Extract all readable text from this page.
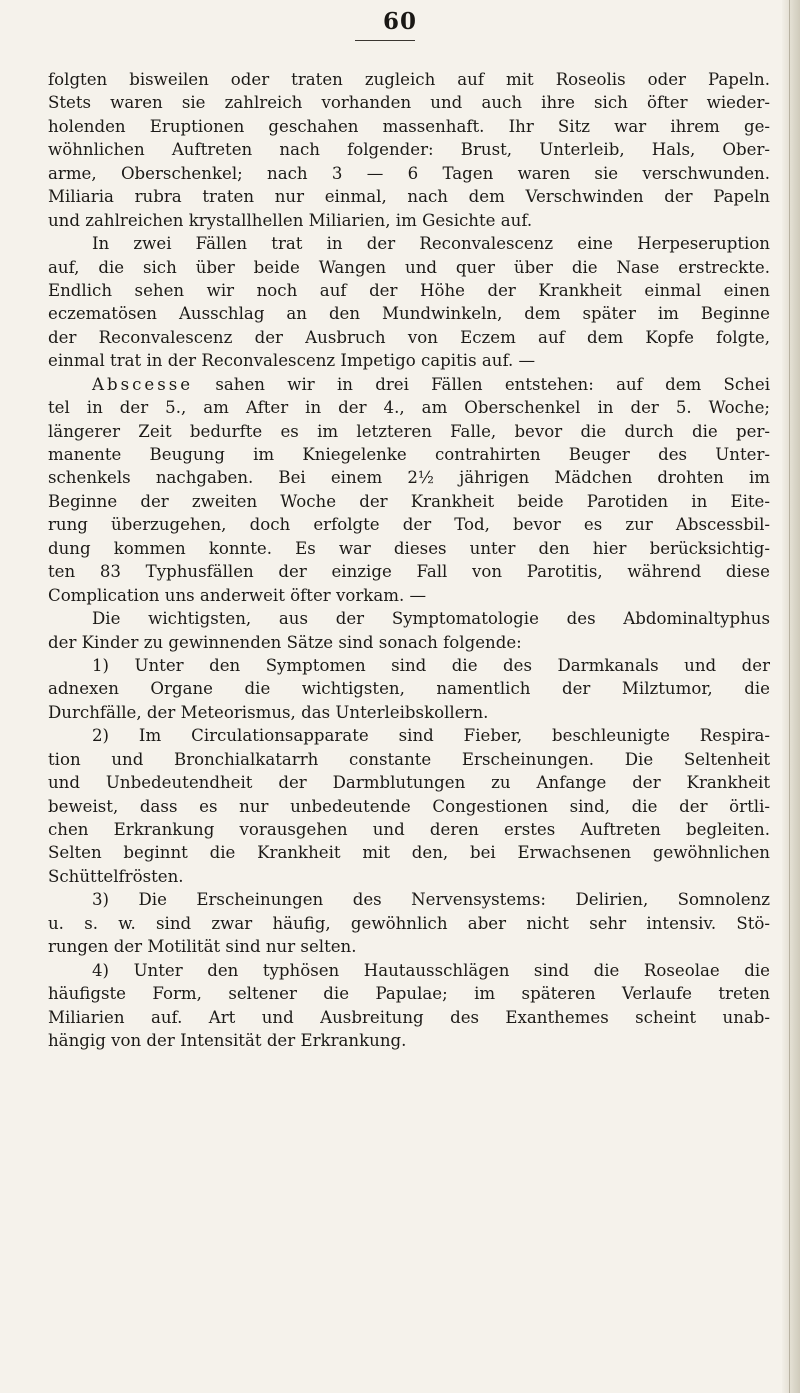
60
folgten bisweilen oder traten zugleich auf mit Roseolis oder Papeln.
Stets waren sie zahlreich vorhanden und auch ihre sich öfter wieder-
holenden Eruptionen geschahen massenhaft. Ihr Sitz war ihrem ge-
wöhnlichen Auftreten nach folgender: Brust, Unterleib, Hals, Ober-
arme, Oberschenkel; nach 3 — 6 Tagen waren sie verschwunden.
Miliaria rubra traten nur einmal, nach dem Verschwinden der Papeln
und zahlreichen krystallhellen Miliarien, im Gesichte auf.
In zwei Fällen trat in der Reconvalescenz eine Herpeseruption
auf, die sich über beide Wangen und quer über die Nase erstreckte.
Endlich sehen wir noch auf der Höhe der Krankheit einmal einen
eczematösen Ausschlag an den Mundwinkeln, dem später im Beginne
der Reconvalescenz der Ausbruch von Eczem auf dem Kopfe folgte,
einmal trat in der Reconvalescenz Impetigo capitis auf. —
Abscesse sahen wir in drei Fällen entstehen: auf dem Schei
tel in der 5., am After in der 4., am Oberschenkel in der 5. Woche;
längerer Zeit bedurfte es im letzteren Falle, bevor die durch die per-
manente Beugung im Kniegelenke contrahirten Beuger des Unter-
schenkels nachgaben. Bei einem 2½ jährigen Mädchen drohten im
Beginne der zweiten Woche der Krankheit beide Parotiden in Eite-
rung überzugehen, doch erfolgte der Tod, bevor es zur Abscessbil-
dung kommen konnte. Es war dieses unter den hier berücksichtig-
ten 83 Typhusfällen der einzige Fall von Parotitis, während diese
Complication uns anderweit öfter vorkam. —
Die wichtigsten, aus der Symptomatologie des Abdominaltyphus
der Kinder zu gewinnenden Sätze sind sonach folgende:
1) Unter den Symptomen sind die des Darmkanals und der
adnexen Organe die wichtigsten, namentlich der Milztumor, die
Durchfälle, der Meteorismus, das Unterleibskollern.
2) Im Circulationsapparate sind Fieber, beschleunigte Respira-
tion und Bronchialkatarrh constante Erscheinungen. Die Seltenheit
und Unbedeutendheit der Darmblutungen zu Anfange der Krankheit
beweist, dass es nur unbedeutende Congestionen sind, die der örtli-
chen Erkrankung vorausgehen und deren erstes Auftreten begleiten.
Selten beginnt die Krankheit mit den, bei Erwachsenen gewöhnlichen
Schüttelfrösten.
3) Die Erscheinungen des Nervensystems: Delirien, Somnolenz
u. s. w. sind zwar häufig, gewöhnlich aber nicht sehr intensiv. Stö-
rungen der Motilität sind nur selten.
4) Unter den typhösen Hautausschlägen sind die Roseolae die
häufigste Form, seltener die Papulae; im späteren Verlaufe treten
Miliarien auf. Art und Ausbreitung des Exanthemes scheint unab-
hängig von der Intensität der Erkrankung.
